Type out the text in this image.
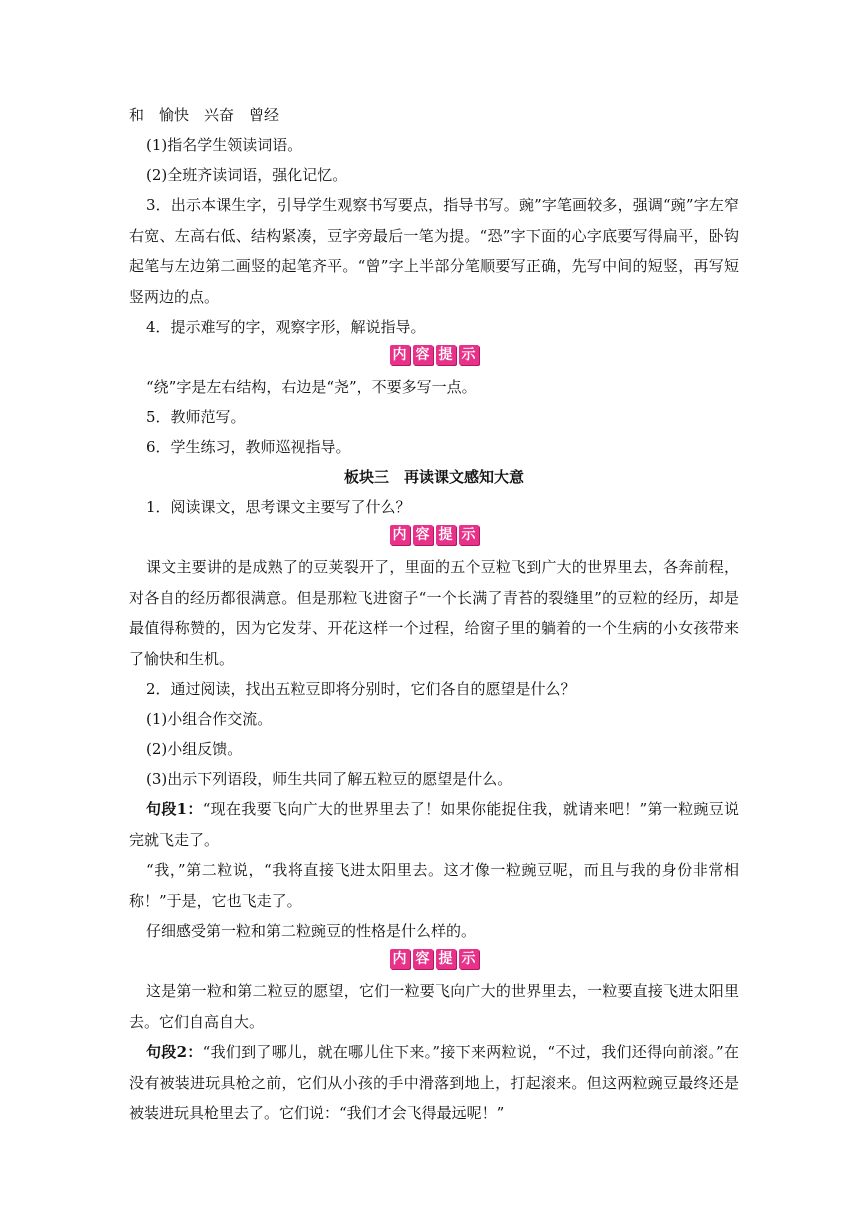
和　愉快　兴奋　曾经
(1)指名学生领读词语。
(2)全班齐读词语，强化记忆。
3．出示本课生字，引导学生观察书写要点，指导书写。豌”字笔画较多，强调“豌”字左窄右宽、左高右低、结构紧凑，豆字旁最后一笔为提。“恐”字下面的心字底要写得扁平，卧钩起笔与左边第二画竖的起笔齐平。“曾”字上半部分笔顺要写正确，先写中间的短竖，再写短竖两边的点。
4．提示难写的字，观察字形，解说指导。
内 容 提 示
“绕”字是左右结构，右边是“尧”，不要多写一点。
5．教师范写。
6．学生练习，教师巡视指导。
板块三　再读课文感知大意
1．阅读课文，思考课文主要写了什么？
内 容 提 示
课文主要讲的是成熟了的豆荚裂开了，里面的五个豆粒飞到广大的世界里去，各奔前程，对各自的经历都很满意。但是那粒飞进窗子“一个长满了青苔的裂缝里”的豆粒的经历，却是最值得称赞的，因为它发芽、开花这样一个过程，给窗子里的躺着的一个生病的小女孩带来了愉快和生机。
2．通过阅读，找出五粒豆即将分别时，它们各自的愿望是什么？
(1)小组合作交流。
(2)小组反馈。
(3)出示下列语段，师生共同了解五粒豆的愿望是什么。
句段1：“现在我要飞向广大的世界里去了！如果你能捉住我，就请来吧！”第一粒豌豆说完就飞走了。
“我，”第二粒说，“我将直接飞进太阳里去。这才像一粒豌豆呢，而且与我的身份非常相称！”于是，它也飞走了。
仔细感受第一粒和第二粒豌豆的性格是什么样的。
内 容 提 示
这是第一粒和第二粒豆的愿望，它们一粒要飞向广大的世界里去，一粒要直接飞进太阳里去。它们自高自大。
句段2：“我们到了哪儿，就在哪儿住下来。”接下来两粒说，“不过，我们还得向前滚。”在没有被装进玩具枪之前，它们从小孩的手中滑落到地上，打起滚来。但这两粒豌豆最终还是被装进玩具枪里去了。它们说：“我们才会飞得最远呢！”
